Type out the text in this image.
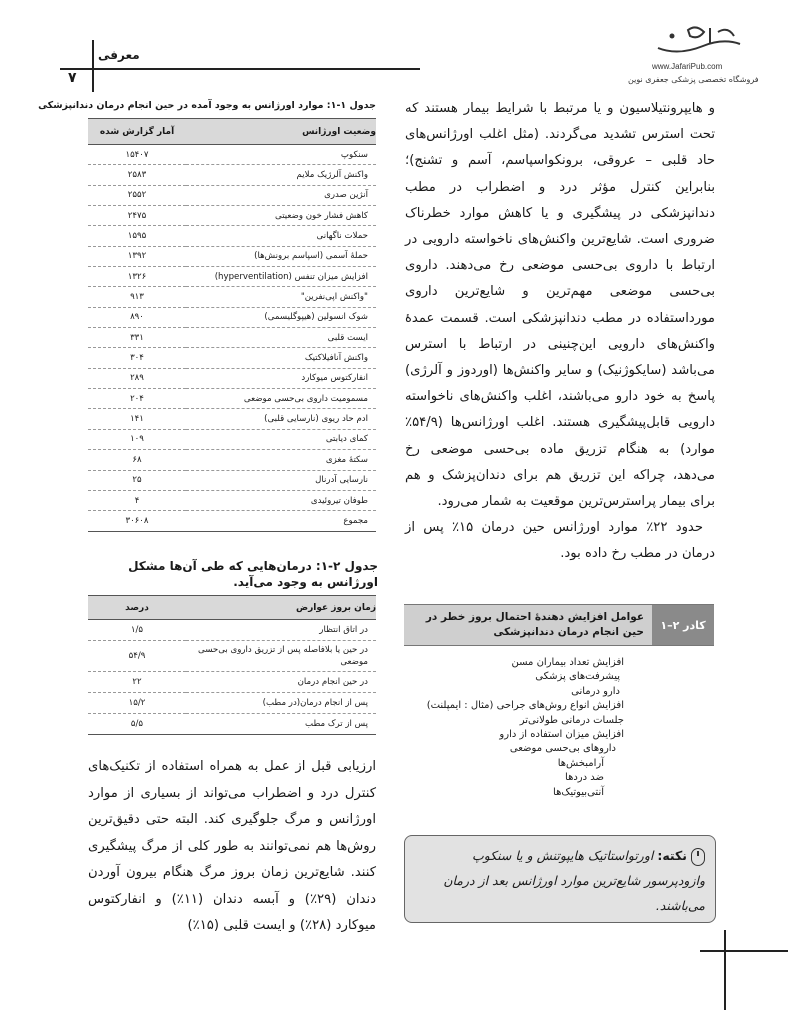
معرفی
۷
www.JafariPub.com
فروشگاه تخصصی پزشکی جعفری نوین

و هایپرونتیلاسیون و یا مرتبط با شرایط بیمار هستند که تحت استرس تشدید می‌گردند. (مثل اغلب اورژانس‌های حاد قلبی – عروقی، برونکواسپاسم، آسم و تشنج)؛ بنابراین کنترل مؤثر درد و اضطراب در مطب دندانپزشکی در پیشگیری و یا کاهش موارد خطرناک ضروری است. شایع‌ترین واکنش‌های ناخواسته دارویی در ارتباط با داروی بی‌حسی موضعی رخ می‌دهند. داروی بی‌حسی موضعی مهم‌ترین و شایع‌ترین داروی مورداستفاده در مطب دندانپزشکی است. قسمت عمدهٔ واکنش‌های دارویی این‌چنینی در ارتباط با استرس می‌باشد (سایکوژنیک) و سایر واکنش‌ها (اوردوز و آلرژی) پاسخ به خود دارو می‌باشند، اغلب واکنش‌های ناخواسته دارویی قابل‌پیشگیری هستند. اغلب اورژانس‌ها (۵۴/۹٪ موارد) به هنگام تزریق ماده بی‌حسی موضعی رخ می‌دهد، چراکه این تزریق هم برای دندان‌پزشک و هم برای بیمار پراسترس‌ترین موقعیت به شمار می‌رود.

حدود ۲۲٪ موارد اورژانس حین درمان ۱۵٪ پس از درمان در مطب رخ داده بود.

کادر ۲–۱
عوامل افزایش دهندهٔ احتمال بروز خطر در حین انجام درمان دندانپزشکی
افزایش تعداد بیماران مسن
پیشرفت‌های پزشکی
دارو درمانی
افزایش انواع روش‌های جراحی (مثال : ایمپلنت)
جلسات درمانی طولانی‌تر
افزایش میزان استفاده از دارو
داروهای بی‌حسی موضعی
آرامبخش‌ها
ضد دردها
آنتی‌بیوتیک‌ها
نکته: اورتواستاتیک هایپوتنش و یا سنکوپ وازودپرسور شایع‌ترین موارد اورژانس بعد از درمان می‌باشند.
جدول ۱-۱: موارد اورژانس به وجود آمده در حین انجام درمان دندانپزشکی
وضعیت اورژانس	آمار گزارش شده
سنکوپ	۱۵۴۰۷
واکنش آلرژیک ملایم	۲۵۸۳
آنژین صدری	۲۵۵۲
کاهش فشار خون وضعیتی	۲۴۷۵
حملات ناگهانی	۱۵۹۵
حملهٔ آسمی (اسپاسم برونش‌ها)	۱۳۹۲
افزایش میزان تنفس (hyperventilation)	۱۳۲۶
"واکنش اپی‌نفرین"	۹۱۳
شوک انسولین (هیپوگلیسمی)	۸۹۰
ایست قلبی	۳۳۱
واکنش آنافیلاکتیک	۳۰۴
انفارکتوس میوکارد	۲۸۹
مسمومیت داروی بی‌حسی موضعی	۲۰۴
ادم حاد ریوی (نارسایی قلبی)	۱۴۱
کمای دیابتی	۱۰۹
سکتهٔ مغزی	۶۸
نارسایی آدرنال	۲۵
طوفان تیروئیدی	۴
مجموع	۳۰۶۰۸
جدول ۲-۱: درمان‌هایی که طی آن‌ها مشکل اورژانس به وجود می‌آید.
زمان بروز عوارض	درصد
در اتاق انتظار	۱/۵
در حین یا بلافاصله پس از تزریق داروی بی‌حسی موضعی	۵۴/۹
در حین انجام درمان	۲۲
پس از انجام درمان(در مطب)	۱۵/۲
پس از ترک مطب	۵/۵
ارزیابی قبل از عمل به همراه استفاده از تکنیک‌های کنترل درد و اضطراب می‌تواند از بسیاری از موارد اورژانس و مرگ جلوگیری کند. البته حتی دقیق‌ترین روش‌ها هم نمی‌توانند به طور کلی از مرگ پیشگیری کنند. شایع‌ترین زمان بروز مرگ هنگام بیرون آوردن دندان (۲۹٪) و آبسه دندان (۱۱٪) و انفارکتوس میوکارد (۲۸٪) و ایست قلبی (۱۵٪)
